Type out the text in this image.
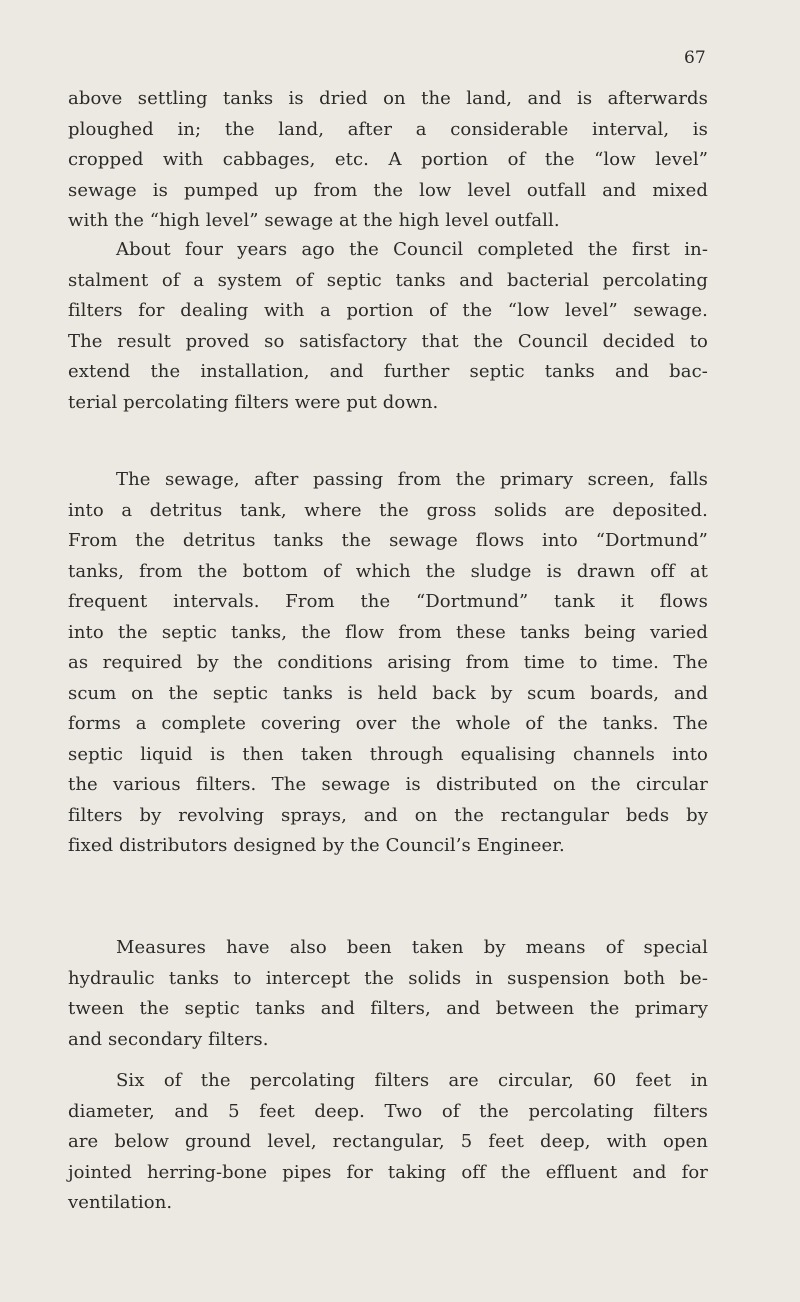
67
above settling tanks is dried on the land, and is afterwards
ploughed in; the land, after a considerable interval, is
cropped with cabbages, etc. A portion of the “low level”
sewage is pumped up from the low level outfall and mixed
with the “high level” sewage at the high level outfall.
About four years ago the Council completed the first in-
stalment of a system of septic tanks and bacterial percolating
filters for dealing with a portion of the “low level” sewage.
The result proved so satisfactory that the Council decided to
extend the installation, and further septic tanks and bac-
terial percolating filters were put down.
The sewage, after passing from the primary screen, falls
into a detritus tank, where the gross solids are deposited.
From the detritus tanks the sewage flows into “Dortmund”
tanks, from the bottom of which the sludge is drawn off at
frequent intervals. From the “Dortmund” tank it flows
into the septic tanks, the flow from these tanks being varied
as required by the conditions arising from time to time. The
scum on the septic tanks is held back by scum boards, and
forms a complete covering over the whole of the tanks. The
septic liquid is then taken through equalising channels into
the various filters. The sewage is distributed on the circular
filters by revolving sprays, and on the rectangular beds by
fixed distributors designed by the Council’s Engineer.
Measures have also been taken by means of special
hydraulic tanks to intercept the solids in suspension both be-
tween the septic tanks and filters, and between the primary
and secondary filters.
Six of the percolating filters are circular, 60 feet in
diameter, and 5 feet deep. Two of the percolating filters
are below ground level, rectangular, 5 feet deep, with open
jointed herring-bone pipes for taking off the effluent and for
ventilation.
